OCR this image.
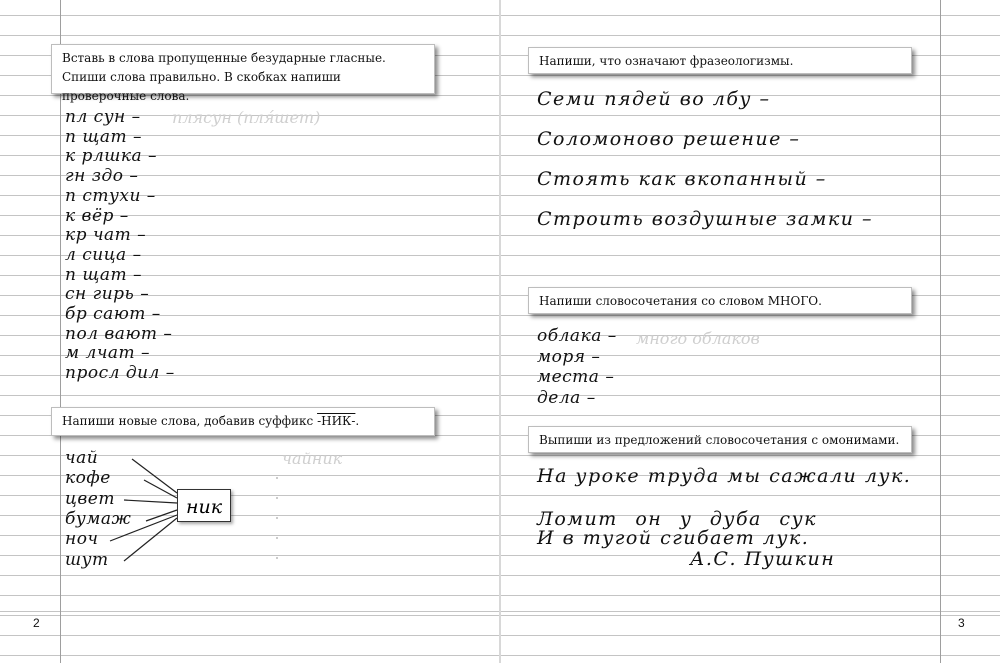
Вставь в слова пропущенные безударные гласные. Спиши слова правильно. В скобках напиши проверочные слова.
плясун (пля́шет)
пл сун –
п щат –
к рлшка –
гн здо –
п стухи –
к вёр –
кр чат –
л сица –
п щат –
сн гирь –
бр сают –
пол вают –
м лчат –
просл дил –
Напиши новые слова, добавив суффикс -НИК-.
чай
кофе
цвет
бумаж
ноч
шут
ник
чайник
2
Напиши, что означают фразеологизмы.
Семи пядей во лбу –
Соломоново решение –
Стоять как вкопанный –
Строить воздушные замки –
Напиши словосочетания со словом МНОГО.
много облаков
облака –
моря –
места –
дела –
Выпиши из предложений словосочетания с омонимами.
На уроке труда мы сажали лук.
Ломит он у дуба сук
И в тугой сгибает лук.
А.С. Пушкин
3
